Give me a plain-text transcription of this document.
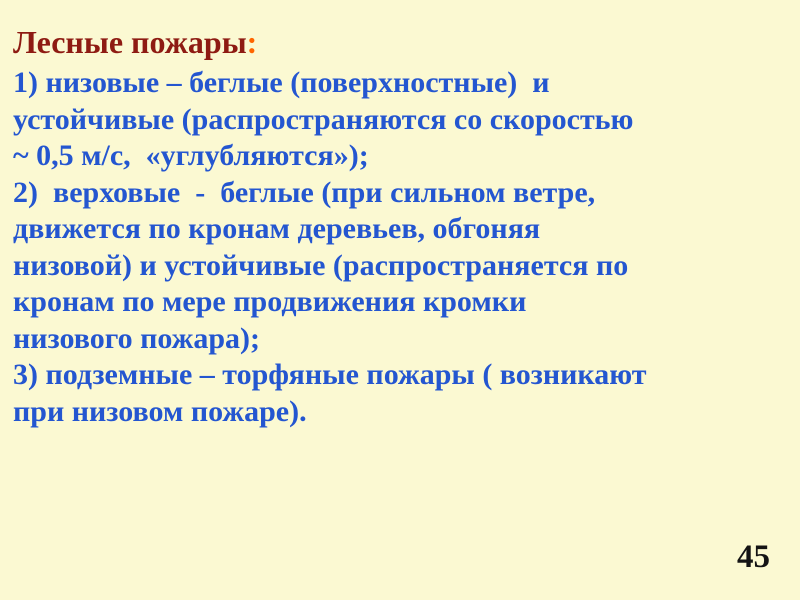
Лесные пожары:
1) низовые – беглые (поверхностные)  и
устойчивые (распространяются со скоростью
~ 0,5 м/с,  «углубляются»);
2)  верховые  -  беглые (при сильном ветре,
движется по кронам деревьев, обгоняя
низовой) и устойчивые (распространяется по
кронам по мере продвижения кромки
низового пожара);
3) подземные – торфяные пожары ( возникают
при низовом пожаре).
45
